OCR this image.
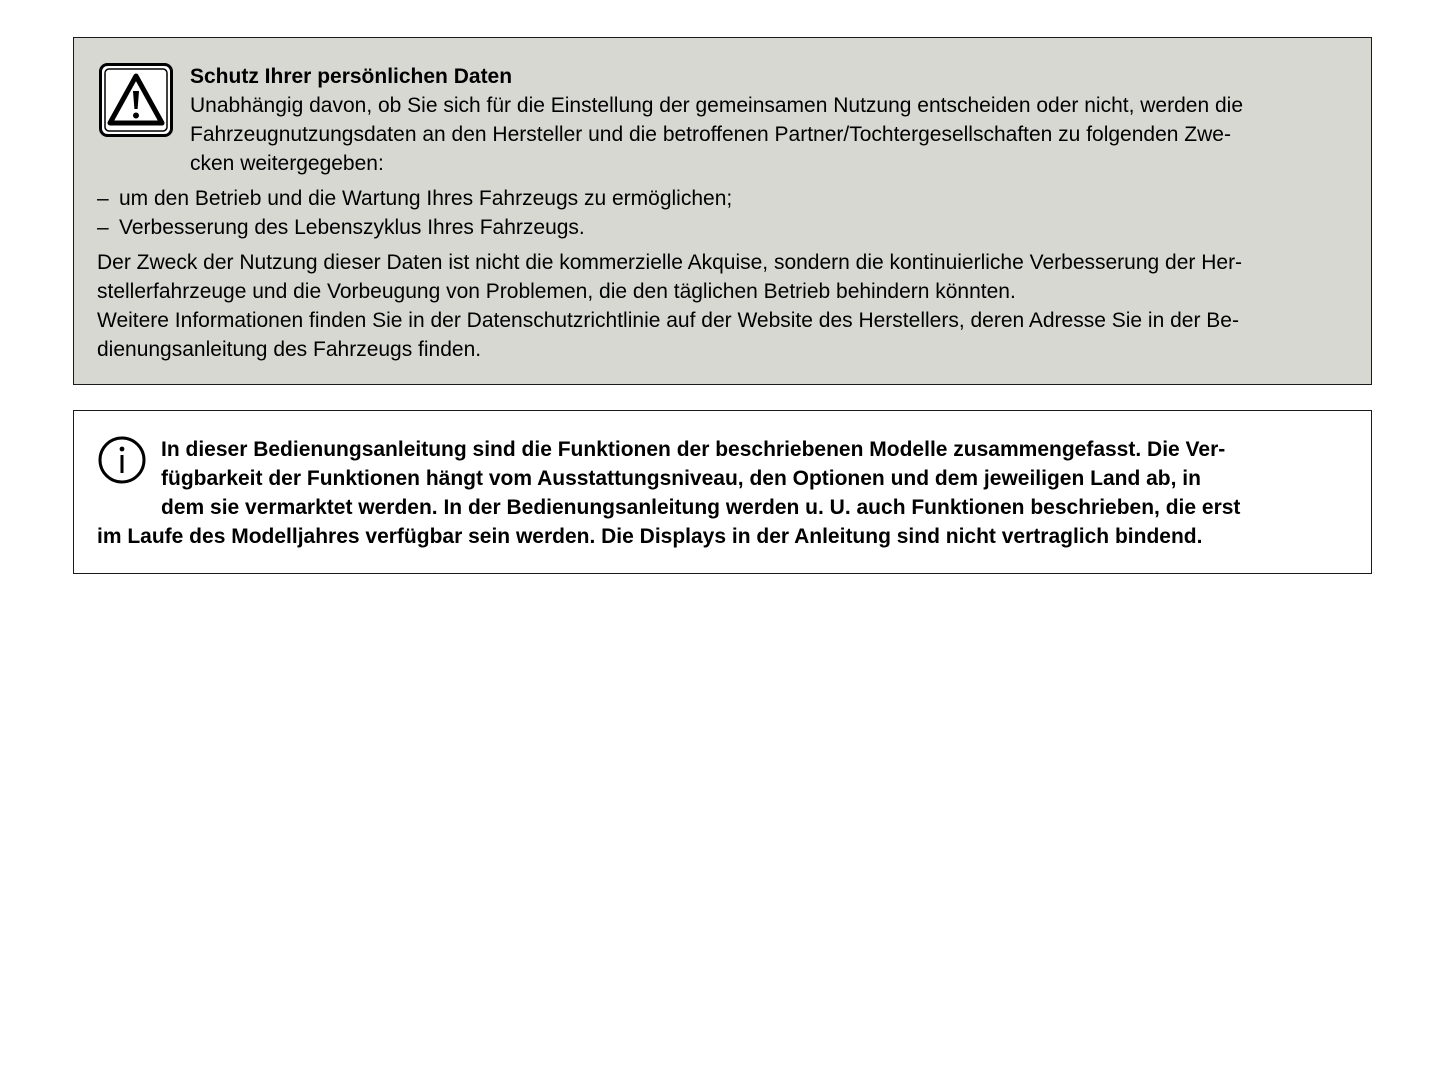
Schutz Ihrer persönlichen Daten

Unabhängig davon, ob Sie sich für die Einstellung der gemeinsamen Nutzung entscheiden oder nicht, werden die

Fahrzeugnutzungsdaten an den Hersteller und die betroffenen Partner/Tochtergesellschaften zu folgenden Zwe-

cken weitergegeben:

– um den Betrieb und die Wartung Ihres Fahrzeugs zu ermöglichen;
– Verbesserung des Lebenszyklus Ihres Fahrzeugs.

Der Zweck der Nutzung dieser Daten ist nicht die kommerzielle Akquise, sondern die kontinuierliche Verbesserung der Her-

stellerfahrzeuge und die Vorbeugung von Problemen, die den täglichen Betrieb behindern könnten.

Weitere Informationen finden Sie in der Datenschutzrichtlinie auf der Website des Herstellers, deren Adresse Sie in der Be-

dienungsanleitung des Fahrzeugs finden.

In dieser Bedienungsanleitung sind die Funktionen der beschriebenen Modelle zusammengefasst. Die Ver-

fügbarkeit der Funktionen hängt vom Ausstattungsniveau, den Optionen und dem jeweiligen Land ab, in

dem sie vermarktet werden. In der Bedienungsanleitung werden u. U. auch Funktionen beschrieben, die erst

im Laufe des Modelljahres verfügbar sein werden. Die Displays in der Anleitung sind nicht vertraglich bindend.
